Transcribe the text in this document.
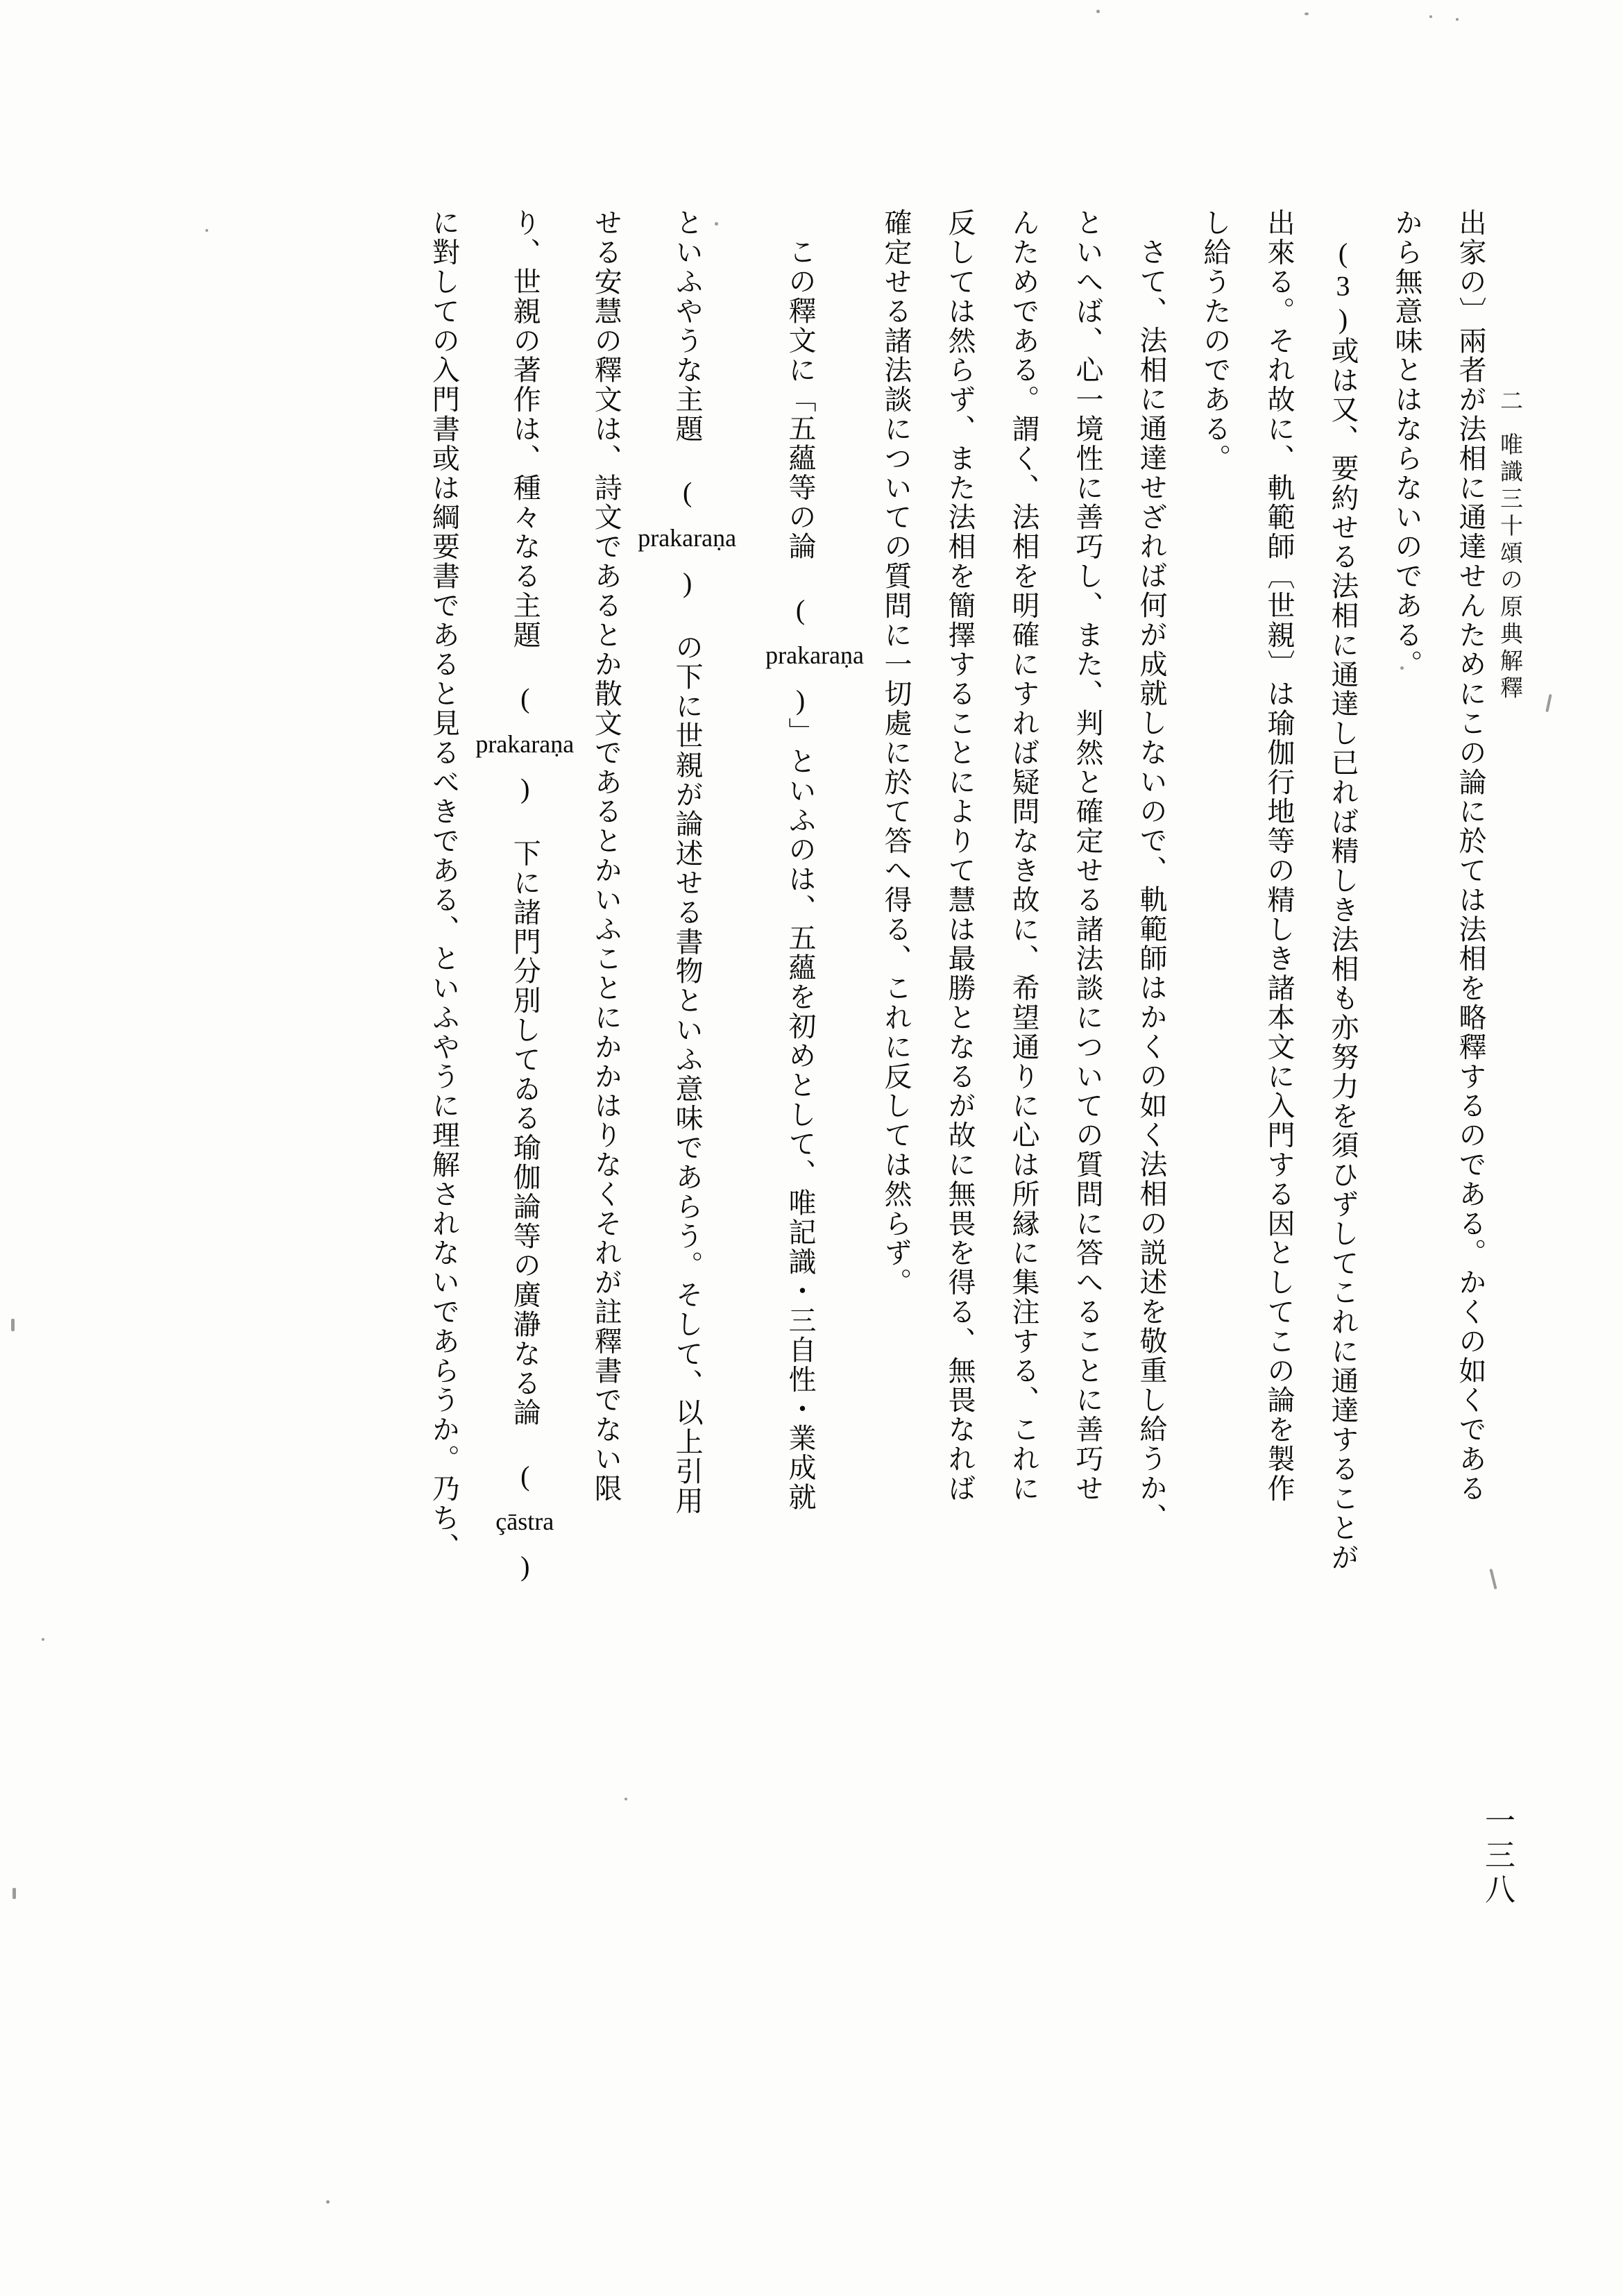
二唯識三十頌の原典解釋
一三八

出家の〕兩者が法相に通達せんためにこの論に於ては法相を略釋するのである。かくの如くである

から無意味とはならないのである。

(3)或は又、要約せる法相に通達し已れば精しき法相も亦努力を須ひずしてこれに通達することが

出來る。それ故に、軌範師〔世親〕は瑜伽行地等の精しき諸本文に入門する因としてこの論を製作

し給うたのである。

さて、法相に通達せざれば何が成就しないので、軌範師はかくの如く法相の説述を敬重し給うか、

といへば、心一境性に善巧し、また、判然と確定せる諸法談についての質問に答へることに善巧せ

んためである。謂く、法相を明確にすれば疑問なき故に、希望通りに心は所縁に集注する、これに

反しては然らず、また法相を簡擇することによりて慧は最勝となるが故に無畏を得る、無畏なれば

確定せる諸法談についての質問に一切處に於て答へ得る、これに反しては然らず。

この釋文に「五蘊等の論 (prakaraṇa)」といふのは、五蘊を初めとして、唯記識・三自性・業成就

といふやうな主題 (prakaraṇa) の下に世親が論述せる書物といふ意味であらう。そして、以上引用

せる安慧の釋文は、詩文であるとか散文であるとかいふことにかかはりなくそれが註釋書でない限

り、世親の著作は、種々なる主題 (prakaraṇa) 下に諸門分別してゐる瑜伽論等の廣瀞なる論 (çāstra)

に對しての入門書或は綱要書であると見るべきである、といふやうに理解されないであらうか。乃ち、
